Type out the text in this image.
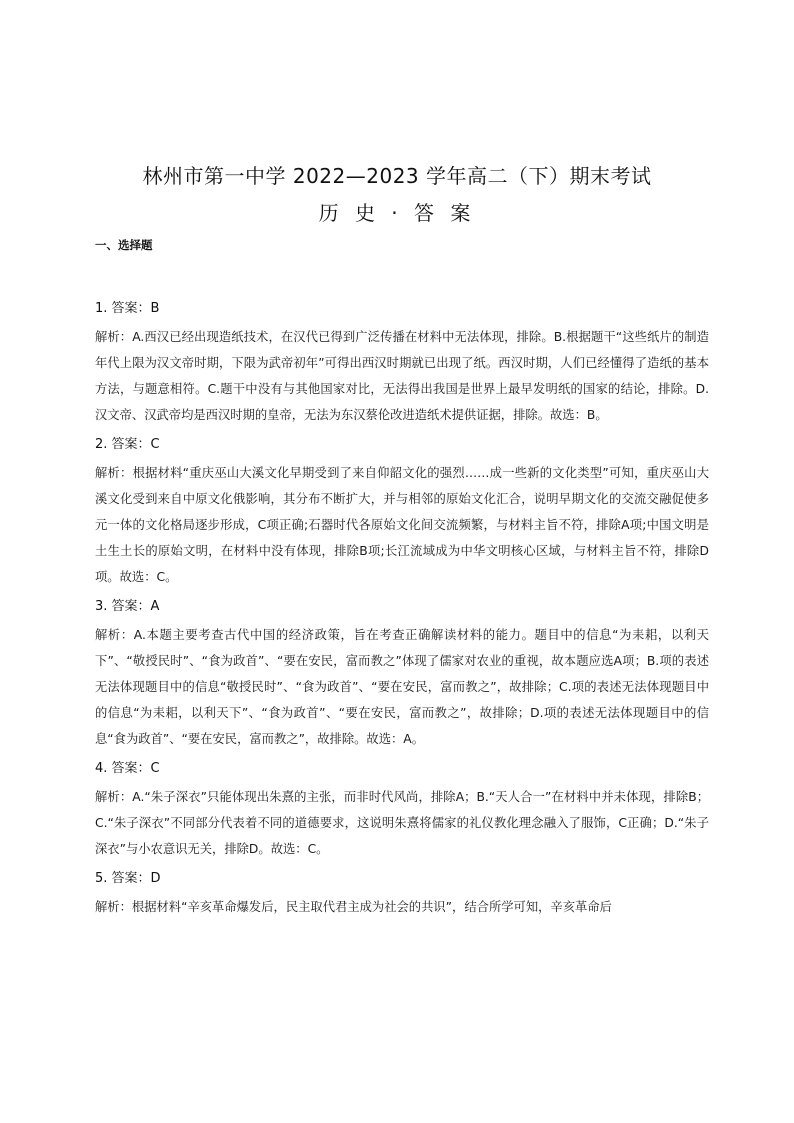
林州市第一中学 2022—2023 学年高二（下）期末考试
历 史 · 答 案
一、选择题
1. 答案：B
解析：A.西汉已经出现造纸技术，在汉代已得到广泛传播在材料中无法体现，排除。B.根据题干“这些纸片的制造年代上限为汉文帝时期，下限为武帝初年”可得出西汉时期就已出现了纸。西汉时期，人们已经懂得了造纸的基本方法，与题意相符。C.题干中没有与其他国家对比，无法得出我国是世界上最早发明纸的国家的结论，排除。D.汉文帝、汉武帝均是西汉时期的皇帝，无法为东汉蔡伦改进造纸术提供证据，排除。故选：B。
2. 答案：C
解析：根据材料“重庆巫山大溪文化早期受到了来自仰韶文化的强烈……成一些新的文化类型”可知，重庆巫山大溪文化受到来自中原文化俄影响，其分布不断扩大，并与相邻的原始文化汇合，说明早期文化的交流交融促使多元一体的文化格局逐步形成，C项正确;石器时代各原始文化间交流频繁，与材料主旨不符，排除A项;中国文明是土生土长的原始文明，在材料中没有体现，排除B项;长江流域成为中华文明核心区域，与材料主旨不符，排除D项。故选：C。
3. 答案：A
解析：A.本题主要考查古代中国的经济政策，旨在考查正确解读材料的能力。题目中的信息“为耒耜，以利天下”、“敬授民时”、“食为政首”、“要在安民，富而教之”体现了儒家对农业的重视，故本题应选A项；B.项的表述无法体现题目中的信息“敬授民时”、“食为政首”、“要在安民，富而教之”，故排除；C.项的表述无法体现题目中的信息“为耒耜，以利天下”、“食为政首”、“要在安民，富而教之”，故排除；D.项的表述无法体现题目中的信息“食为政首”、“要在安民，富而教之”，故排除。故选：A。
4. 答案：C
解析：A.“朱子深衣”只能体现出朱熹的主张，而非时代风尚，排除A；B.“天人合一”在材料中并未体现，排除B；C.“朱子深衣”不同部分代表着不同的道德要求，这说明朱熹将儒家的礼仪教化理念融入了服饰，C正确；D.“朱子深衣”与小农意识无关，排除D。故选：C。
5. 答案：D
解析：根据材料“辛亥革命爆发后，民主取代君主成为社会的共识”，结合所学可知，辛亥革命后
